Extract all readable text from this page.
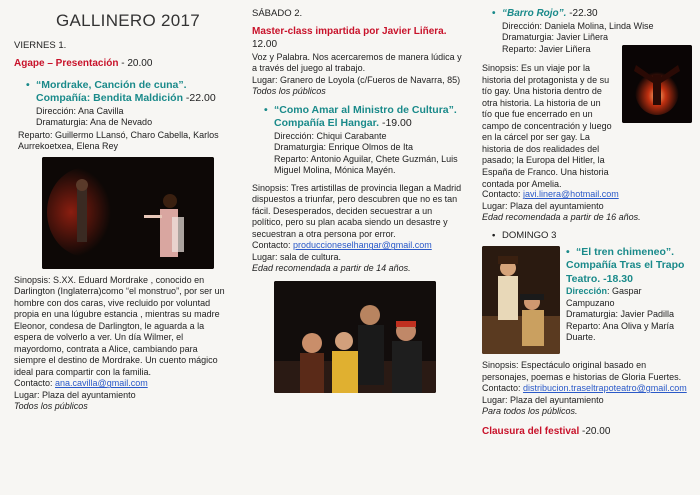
GALLINERO 2017
VIERNES 1.
Agape – Presentación - 20.00
• “Mordrake, Canción de cuna”.
Compañía: Bendita Maldición -22.00
Dirección: Ana Cavilla
Dramaturgia: Ana de Nevado
Reparto: Guillermo LLansó, Charo Cabella, Karlos Aurrekoetxea, Elena Rey
Sinopsis: S.XX. Eduard Mordrake , conocido en Darlington (Inglaterra)como “el monstruo”, por ser un hombre con dos caras, vive recluido por voluntad propia en una lúgubre estancia , mientras su madre Eleonor, condesa de Darlington, le aguarda a la espera de volverlo a ver. Un día Wilmer, el mayordomo, contrata a Alice, cambiando para siempre el destino de Mordrake. Un cuento mágico ideal para compartir con la familia.
Contacto: ana.cavilla@gmail.com
Lugar: Plaza del ayuntamiento
Todos los públicos
SÁBADO 2.
Master-class impartida por Javier Liñera. 12.00
Voz y Palabra. Nos acercaremos de manera lúdica y a través del juego al trabajo.
Lugar: Granero de Loyola (c/Fueros de Navarra, 85)
Todos los públicos
• “Como Amar al Ministro de Cultura”.
Compañía El Hangar. -19.00
Dirección: Chiqui Carabante
Dramaturgia: Enrique Olmos de Ita
Reparto: Antonio Aguilar, Chete Guzmán, Luis Miguel Molina, Mónica Mayén.
Sinopsis: Tres artistillas de provincia llegan a Madrid dispuestos a triunfar, pero descubren que no es tan fácil. Desesperados, deciden secuestrar a un político, pero su plan acaba siendo un desastre y secuestran a otra persona por error.
Contacto: produccioneselhangar@gmail.com
Lugar: sala de cultura.
Edad recomendada a partir de 14 años.
• “Barro Rojo”. -22.30
Dirección: Daniela Molina, Linda Wise
Dramaturgia: Javier Liñera
Reparto: Javier Liñera
Sinopsis: Es un viaje por la historia del protagonista y de su tío gay. Una historia dentro de otra historia. La historia de un tío que fue encerrado en un campo de concentración y luego en la cárcel por ser gay. La historia de dos realidades del pasado; la Europa del Hitler, la España de Franco. Una historia contada por Amelia.
Contacto: javi.linera@hotmail.com
Lugar: Plaza del ayuntamiento
Edad recomendada a partir de 16 años.
• DOMINGO 3
• “El tren chimeneo”.
Compañía Tras el Trapo Teatro. -18.30
Dirección: Gaspar Campuzano
Dramaturgia: Javier Padilla
Reparto: Ana Oliva y María Duarte.
Sinopsis: Espectáculo original basado en personajes, poemas e historias de Gloria Fuertes.
Contacto: distribucion.traseltrapoteatro@gmail.com
Lugar: Plaza del ayuntamiento
Para todos los públicos.
Clausura del festival -20.00
